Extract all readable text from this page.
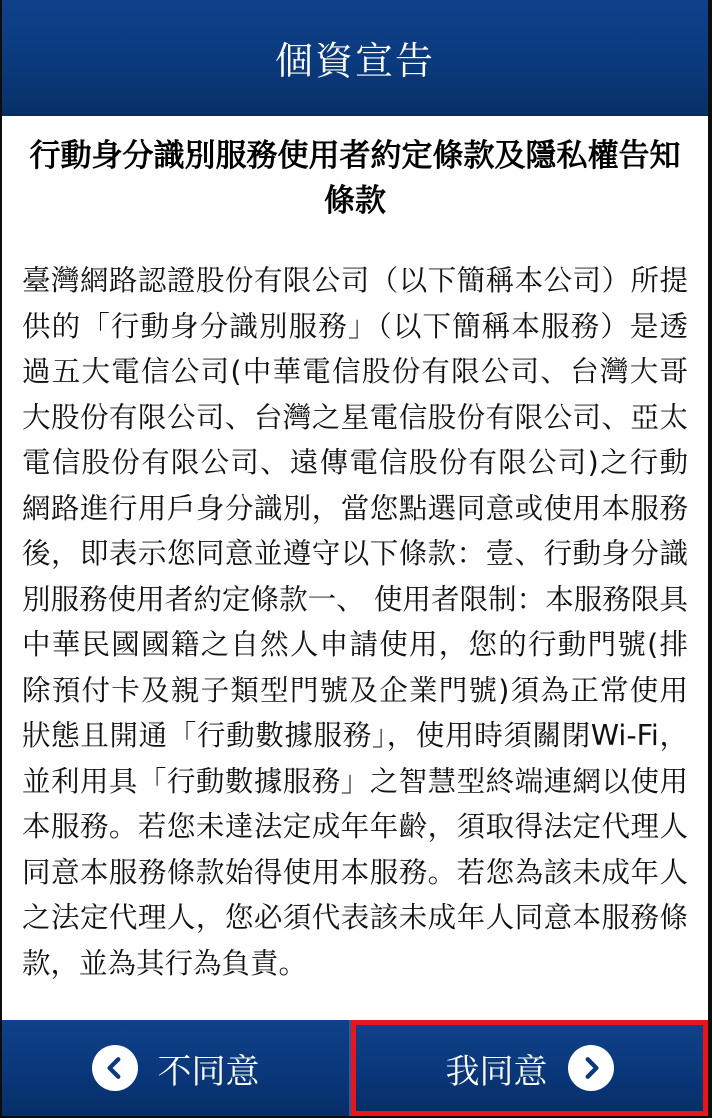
個資宣告
行動身分識別服務使用者約定條款及隱私權告知條款
臺灣網路認證股份有限公司（以下簡稱本公司）所提供的「行動身分識別服務」（以下簡稱本服務）是透過五大電信公司(中華電信股份有限公司、台灣大哥大股份有限公司、台灣之星電信股份有限公司、亞太電信股份有限公司、遠傳電信股份有限公司)之行動網路進行用戶身分識別，當您點選同意或使用本服務後，即表示您同意並遵守以下條款：壹、行動身分識別服務使用者約定條款一、 使用者限制：本服務限具中華民國國籍之自然人申請使用，您的行動門號(排除預付卡及親子類型門號及企業門號)須為正常使用狀態且開通「行動數據服務」，使用時須關閉Wi-Fi，並利用具「行動數據服務」之智慧型終端連網以使用本服務。若您未達法定成年年齡，須取得法定代理人同意本服務條款始得使用本服務。若您為該未成年人之法定代理人，您必須代表該未成年人同意本服務條款，並為其行為負責。
不同意	我同意
